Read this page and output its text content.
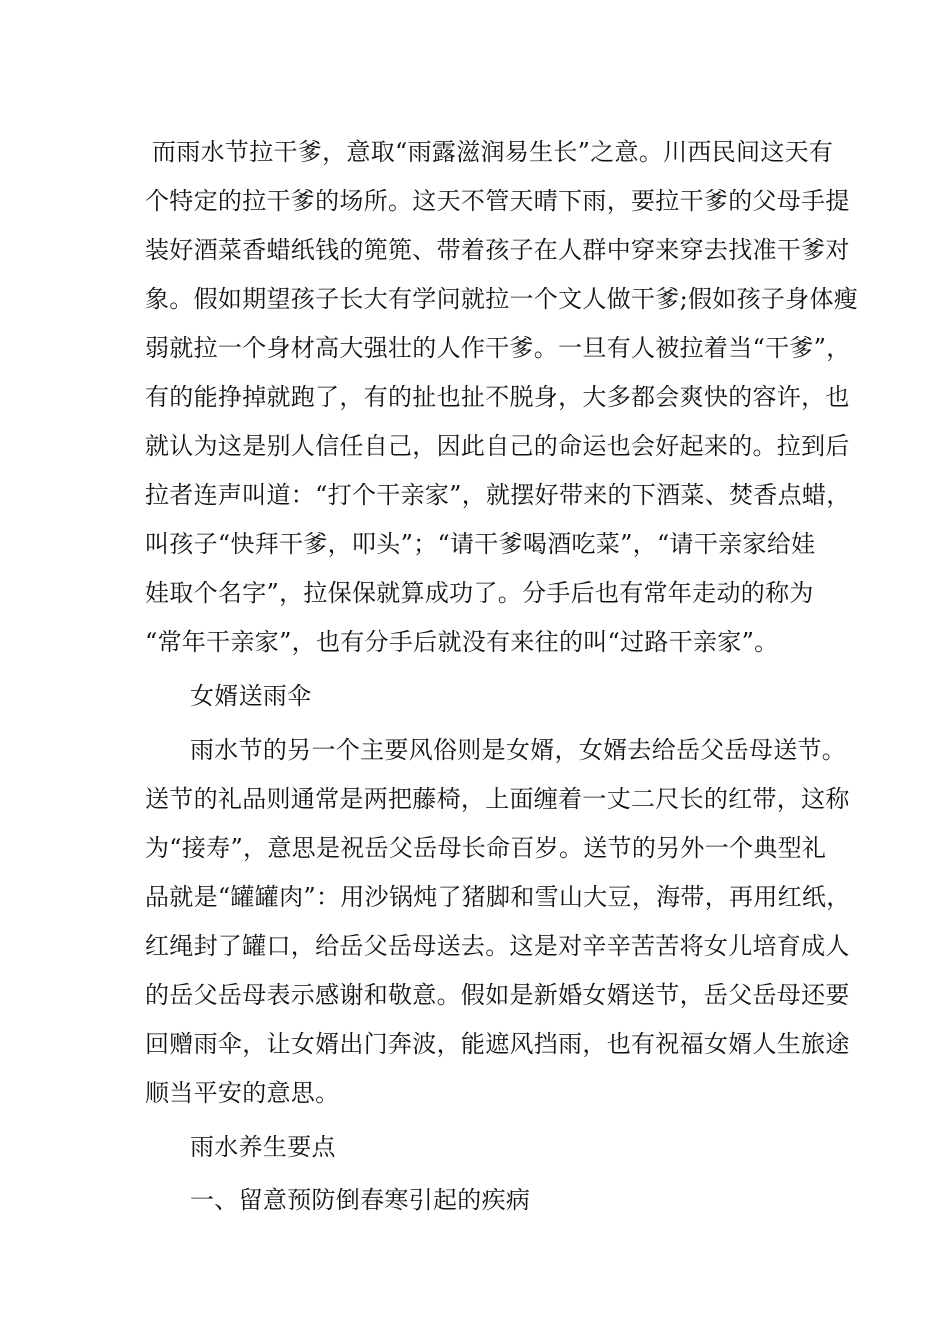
而雨水节拉干爹，意取“雨露滋润易生长”之意。川西民间这天有
个特定的拉干爹的场所。这天不管天晴下雨，要拉干爹的父母手提
装好酒菜香蜡纸钱的篼篼、带着孩子在人群中穿来穿去找准干爹对
象。假如期望孩子长大有学问就拉一个文人做干爹;假如孩子身体瘦
弱就拉一个身材高大强壮的人作干爹。一旦有人被拉着当“干爹”，
有的能挣掉就跑了，有的扯也扯不脱身，大多都会爽快的容许，也
就认为这是别人信任自己，因此自己的命运也会好起来的。拉到后
拉者连声叫道：“打个干亲家”，就摆好带来的下酒菜、焚香点蜡，
叫孩子“快拜干爹，叩头”；“请干爹喝酒吃菜”，“请干亲家给娃
娃取个名字”，拉保保就算成功了。分手后也有常年走动的称为
“常年干亲家”，也有分手后就没有来往的叫“过路干亲家”。
女婿送雨伞
雨水节的另一个主要风俗则是女婿，女婿去给岳父岳母送节。
送节的礼品则通常是两把藤椅，上面缠着一丈二尺长的红带，这称
为“接寿”，意思是祝岳父岳母长命百岁。送节的另外一个典型礼
品就是“罐罐肉”：用沙锅炖了猪脚和雪山大豆，海带，再用红纸，
红绳封了罐口，给岳父岳母送去。这是对辛辛苦苦将女儿培育成人
的岳父岳母表示感谢和敬意。假如是新婚女婿送节，岳父岳母还要
回赠雨伞，让女婿出门奔波，能遮风挡雨，也有祝福女婿人生旅途
顺当平安的意思。
雨水养生要点
一、留意预防倒春寒引起的疾病
